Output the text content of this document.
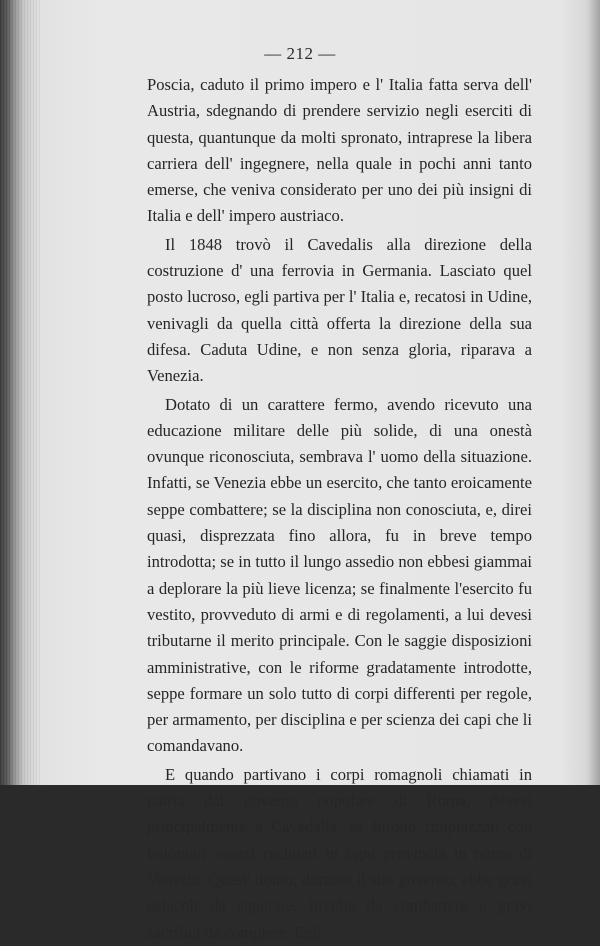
— 212 —

Poscia, caduto il primo impero e l' Italia fatta serva dell' Austria, sdegnando di prendere servizio negli eserciti di questa, quantunque da molti spronato, intraprese la libera carriera dell' ingegnere, nella quale in pochi anni tanto emerse, che veniva considerato per uno dei più insigni di Italia e dell' impero austriaco.

Il 1848 trovò il Cavedalis alla direzione della costruzione d' una ferrovia in Germania. Lasciato quel posto lucroso, egli partiva per l' Italia e, recatosi in Udine, venivagli da quella città offerta la direzione della sua difesa. Caduta Udine, e non senza gloria, riparava a Venezia.

Dotato di un carattere fermo, avendo ricevuto una educazione militare delle più solide, di una onestà ovunque riconosciuta, sembrava l' uomo della situazione. Infatti, se Venezia ebbe un esercito, che tanto eroicamente seppe combattere; se la disciplina non conosciuta, e, direi quasi, disprezzata fino allora, fu in breve tempo introdotta; se in tutto il lungo assedio non ebbesi giammai a deplorare la più lieve licenza; se finalmente l'esercito fu vestito, provveduto di armi e di regolamenti, a lui devesi tributarne il merito principale. Con le saggie disposizioni amministrative, con le riforme gradatamente introdotte, seppe formare un solo tutto di corpi differenti per regole, per armamento, per disciplina e per scienza dei capi che li comandavano.

E quando partivano i corpi romagnoli chiamati in patria dal governo popolare di Roma, devesi principalmente a Cavedalis, se furono rimpiazzati con volontari veneti reclutati in ogni provincia in nome di Venezia. Quest' uomo, durante il suo governo, ebbe gravi ostacoli da superare, invidie da combattere e gravi sacrifici da compiere. Egli
